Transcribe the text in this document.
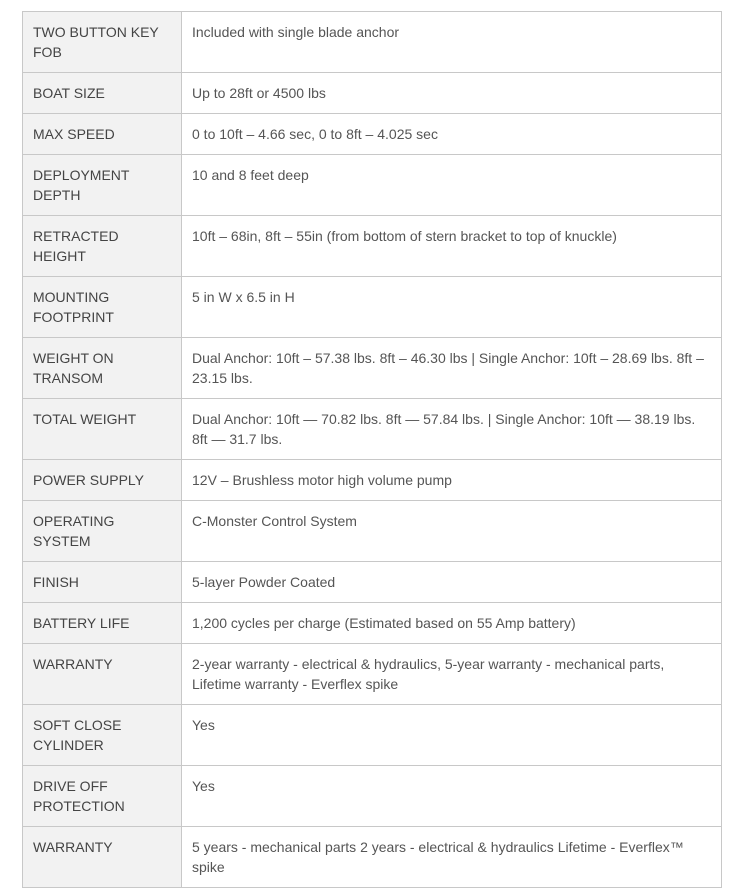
TWO BUTTON KEY FOB	Included with single blade anchor
BOAT SIZE	Up to 28ft or 4500 lbs
MAX SPEED	0 to 10ft – 4.66 sec, 0 to 8ft – 4.025 sec
DEPLOYMENT DEPTH	10 and 8 feet deep
RETRACTED HEIGHT	10ft – 68in, 8ft – 55in (from bottom of stern bracket to top of knuckle)
MOUNTING FOOTPRINT	5 in W x 6.5 in H
WEIGHT ON TRANSOM	Dual Anchor: 10ft – 57.38 lbs. 8ft – 46.30 lbs | Single Anchor: 10ft – 28.69 lbs. 8ft – 23.15 lbs.
TOTAL WEIGHT	Dual Anchor: 10ft — 70.82 lbs. 8ft — 57.84 lbs. | Single Anchor: 10ft — 38.19 lbs. 8ft — 31.7 lbs.
POWER SUPPLY	12V – Brushless motor high volume pump
OPERATING SYSTEM	C-Monster Control System
FINISH	5-layer Powder Coated
BATTERY LIFE	1,200 cycles per charge (Estimated based on 55 Amp battery)
WARRANTY	2-year warranty - electrical & hydraulics, 5-year warranty - mechanical parts, Lifetime warranty - Everflex spike
SOFT CLOSE CYLINDER	Yes
DRIVE OFF PROTECTION	Yes
WARRANTY	5 years - mechanical parts 2 years - electrical & hydraulics Lifetime - Everflex™ spike
